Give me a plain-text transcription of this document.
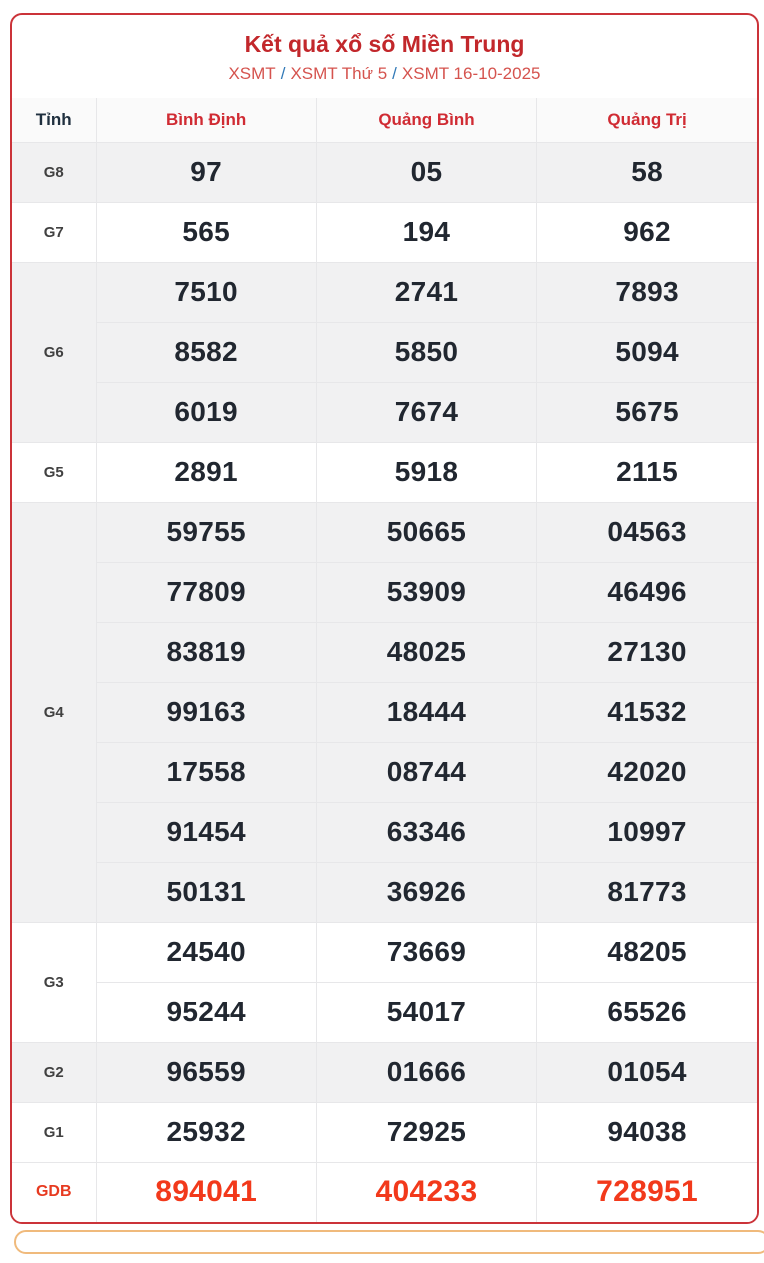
Kết quả xổ số Miền Trung
XSMT / XSMT Thứ 5 / XSMT 16-10-2025
Tỉnh	Bình Định	Quảng Bình	Quảng Trị
G8	97	05	58
G7	565	194	962
G6	7510	2741	7893
	8582	5850	5094
	6019	7674	5675
G5	2891	5918	2115
G4	59755	50665	04563
	77809	53909	46496
	83819	48025	27130
	99163	18444	41532
	17558	08744	42020
	91454	63346	10997
	50131	36926	81773
G3	24540	73669	48205
	95244	54017	65526
G2	96559	01666	01054
G1	25932	72925	94038
GDB	894041	404233	728951
